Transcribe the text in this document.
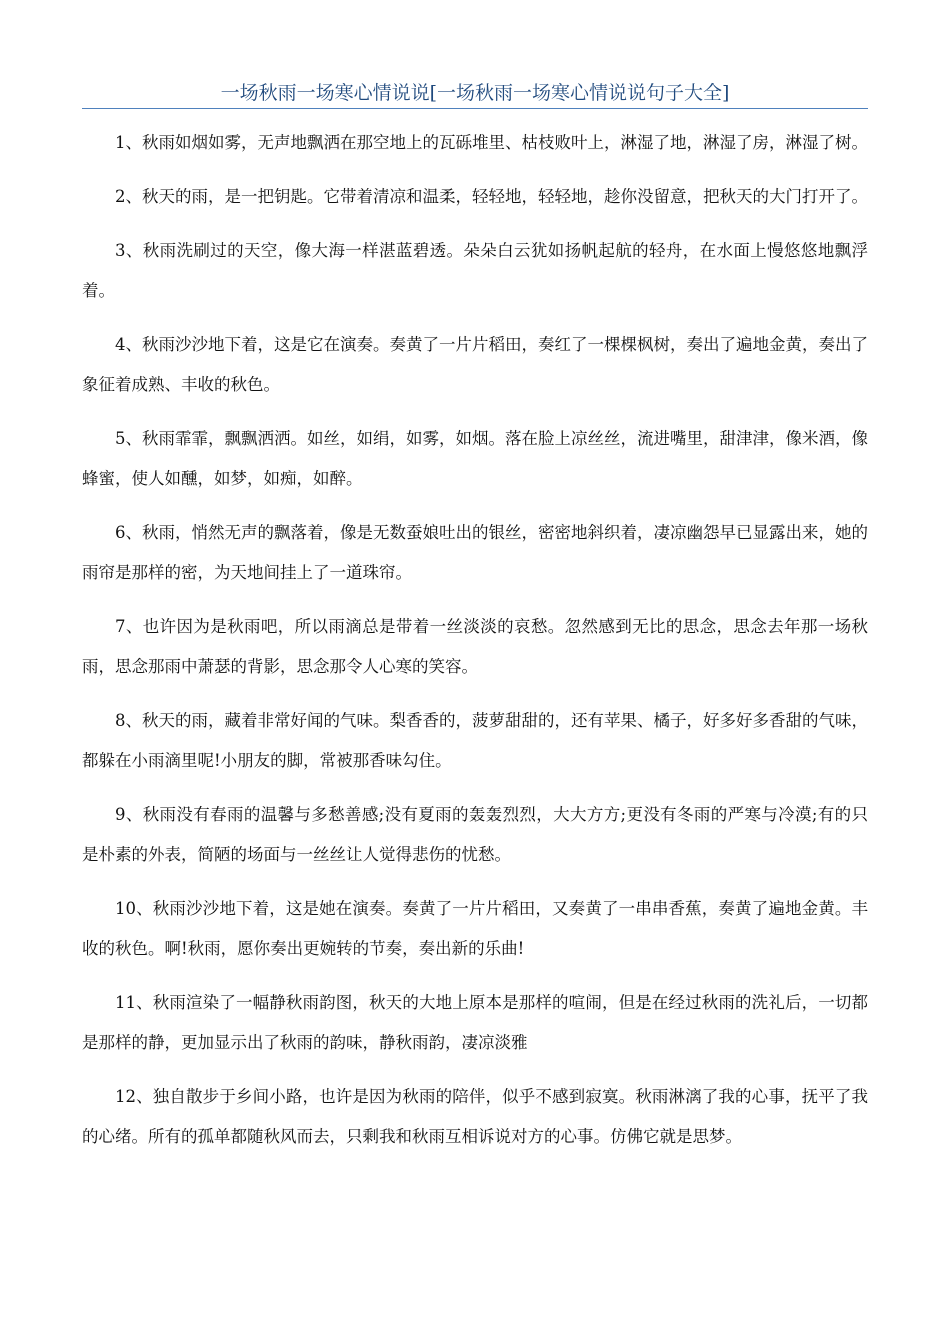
一场秋雨一场寒心情说说[一场秋雨一场寒心情说说句子大全]

1、秋雨如烟如雾，无声地飘洒在那空地上的瓦砾堆里、枯枝败叶上，淋湿了地，淋湿了房，淋湿了树。

2、秋天的雨，是一把钥匙。它带着清凉和温柔，轻轻地，轻轻地，趁你没留意，把秋天的大门打开了。

3、秋雨洗刷过的天空，像大海一样湛蓝碧透。朵朵白云犹如扬帆起航的轻舟，在水面上慢悠悠地飘浮着。

4、秋雨沙沙地下着，这是它在演奏。奏黄了一片片稻田，奏红了一棵棵枫树，奏出了遍地金黄，奏出了象征着成熟、丰收的秋色。

5、秋雨霏霏，飘飘洒洒。如丝，如绢，如雾，如烟。落在脸上凉丝丝，流进嘴里，甜津津，像米酒，像蜂蜜，使人如醺，如梦，如痴，如醉。

6、秋雨，悄然无声的飘落着，像是无数蚕娘吐出的银丝，密密地斜织着，凄凉幽怨早已显露出来，她的雨帘是那样的密，为天地间挂上了一道珠帘。

7、也许因为是秋雨吧，所以雨滴总是带着一丝淡淡的哀愁。忽然感到无比的思念，思念去年那一场秋雨，思念那雨中萧瑟的背影，思念那令人心寒的笑容。

8、秋天的雨，藏着非常好闻的气味。梨香香的，菠萝甜甜的，还有苹果、橘子，好多好多香甜的气味，都躲在小雨滴里呢!小朋友的脚，常被那香味勾住。

9、秋雨没有春雨的温馨与多愁善感;没有夏雨的轰轰烈烈，大大方方;更没有冬雨的严寒与冷漠;有的只是朴素的外表，简陋的场面与一丝丝让人觉得悲伤的忧愁。

10、秋雨沙沙地下着，这是她在演奏。奏黄了一片片稻田，又奏黄了一串串香蕉，奏黄了遍地金黄。丰收的秋色。啊!秋雨，愿你奏出更婉转的节奏，奏出新的乐曲!

11、秋雨渲染了一幅静秋雨韵图，秋天的大地上原本是那样的喧闹，但是在经过秋雨的洗礼后，一切都是那样的静，更加显示出了秋雨的韵味，静秋雨韵，凄凉淡雅

12、独自散步于乡间小路，也许是因为秋雨的陪伴，似乎不感到寂寞。秋雨淋漓了我的心事，抚平了我的心绪。所有的孤单都随秋风而去，只剩我和秋雨互相诉说对方的心事。仿佛它就是思梦。
